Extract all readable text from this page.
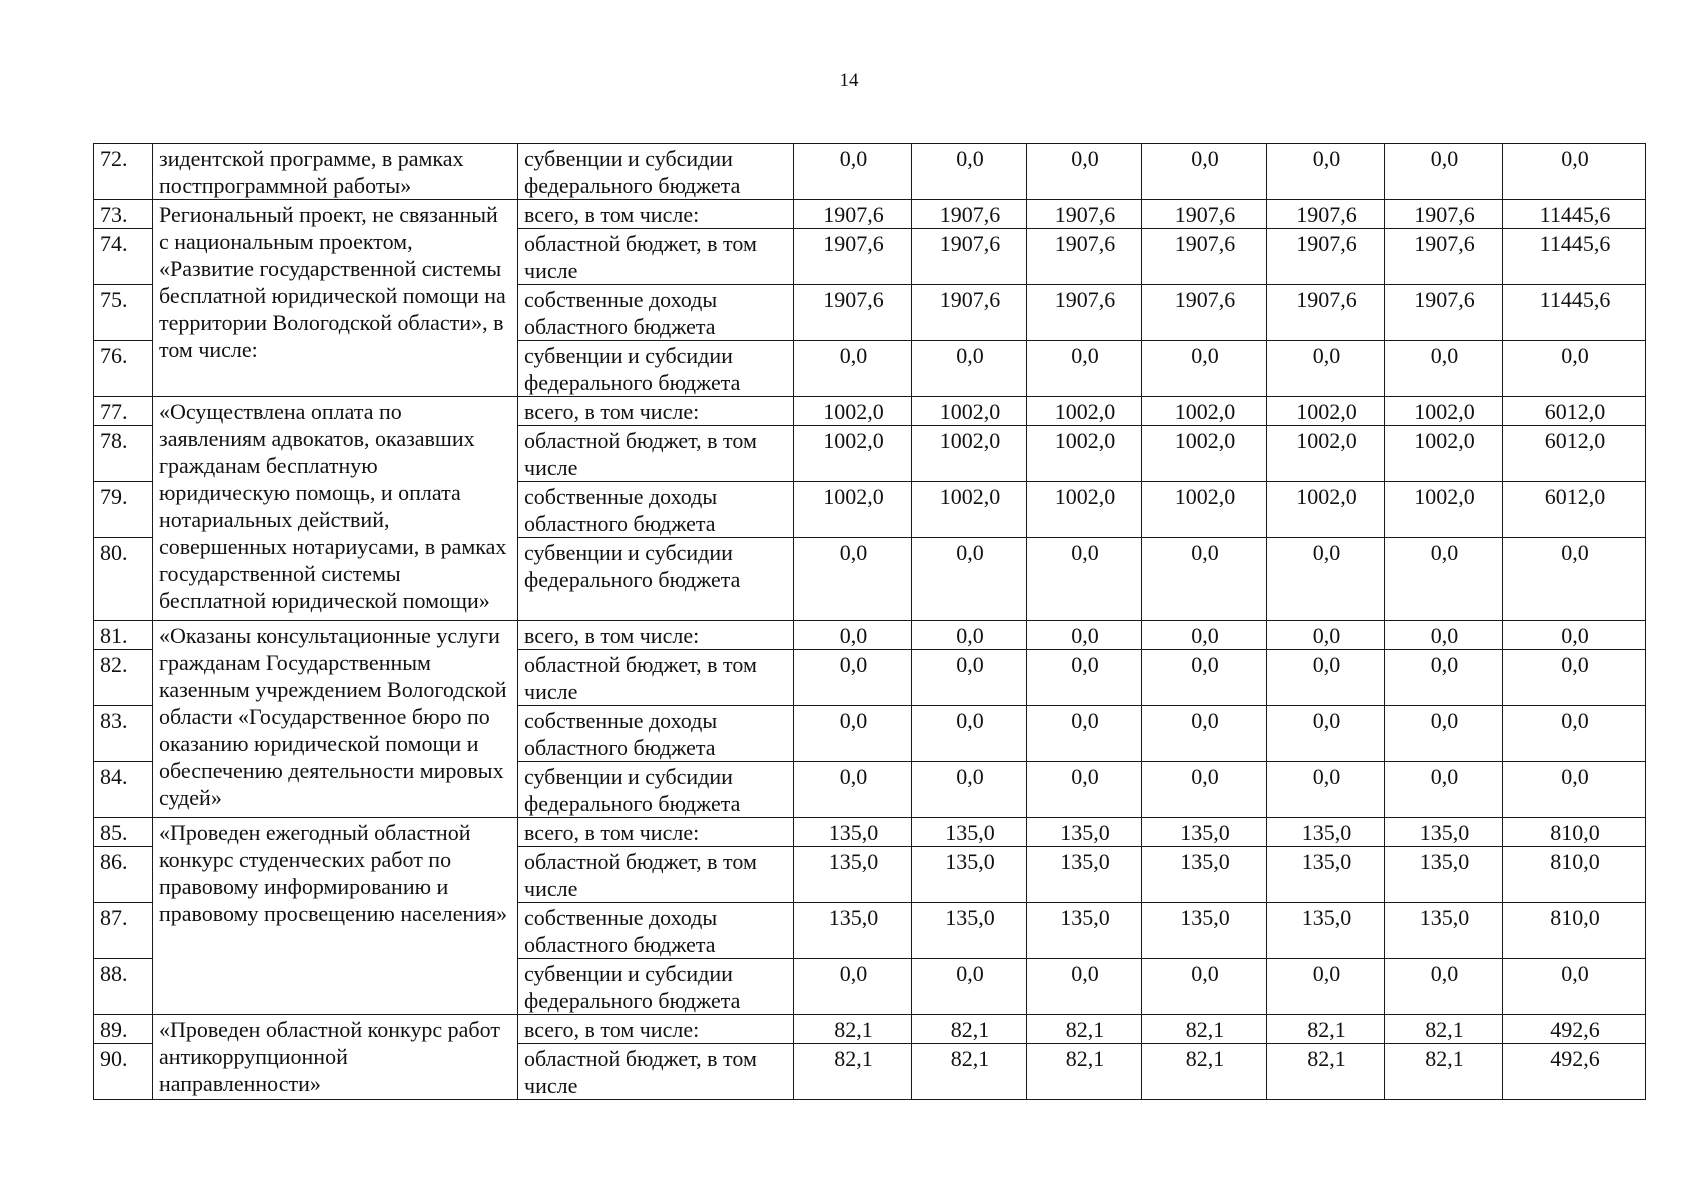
14
72.	зидентской программе, в рамках постпрограммной работы»	субвенции и субсидии федерального бюджета	0,0	0,0	0,0	0,0	0,0	0,0	0,0
73.	Региональный проект, не связанный с национальным проектом, «Развитие государственной системы бесплатной юридической помощи на территории Вологодской области», в том числе:	всего, в том числе:	1907,6	1907,6	1907,6	1907,6	1907,6	1907,6	11445,6
74.		областной бюджет, в том числе	1907,6	1907,6	1907,6	1907,6	1907,6	1907,6	11445,6
75.		собственные доходы областного бюджета	1907,6	1907,6	1907,6	1907,6	1907,6	1907,6	11445,6
76.		субвенции и субсидии федерального бюджета	0,0	0,0	0,0	0,0	0,0	0,0	0,0
77.	«Осуществлена оплата по заявлениям адвокатов, оказавших гражданам бесплатную юридическую помощь, и оплата нотариальных действий, совершенных нотариусами, в рамках государственной системы бесплатной юридической помощи»	всего, в том числе:	1002,0	1002,0	1002,0	1002,0	1002,0	1002,0	6012,0
78.		областной бюджет, в том числе	1002,0	1002,0	1002,0	1002,0	1002,0	1002,0	6012,0
79.		собственные доходы областного бюджета	1002,0	1002,0	1002,0	1002,0	1002,0	1002,0	6012,0
80.		субвенции и субсидии федерального бюджета	0,0	0,0	0,0	0,0	0,0	0,0	0,0
81.	«Оказаны консультационные услуги гражданам Государственным казенным учреждением Вологодской области «Государственное бюро по оказанию юридической помощи и обеспечению деятельности мировых судей»	всего, в том числе:	0,0	0,0	0,0	0,0	0,0	0,0	0,0
82.		областной бюджет, в том числе	0,0	0,0	0,0	0,0	0,0	0,0	0,0
83.		собственные доходы областного бюджета	0,0	0,0	0,0	0,0	0,0	0,0	0,0
84.		субвенции и субсидии федерального бюджета	0,0	0,0	0,0	0,0	0,0	0,0	0,0
85.	«Проведен ежегодный областной конкурс студенческих работ по правовому информированию и правовому просвещению населения»	всего, в том числе:	135,0	135,0	135,0	135,0	135,0	135,0	810,0
86.		областной бюджет, в том числе	135,0	135,0	135,0	135,0	135,0	135,0	810,0
87.		собственные доходы областного бюджета	135,0	135,0	135,0	135,0	135,0	135,0	810,0
88.		субвенции и субсидии федерального бюджета	0,0	0,0	0,0	0,0	0,0	0,0	0,0
89.	«Проведен областной конкурс работ антикоррупционной направленности»	всего, в том числе:	82,1	82,1	82,1	82,1	82,1	82,1	492,6
90.		областной бюджет, в том числе	82,1	82,1	82,1	82,1	82,1	82,1	492,6
